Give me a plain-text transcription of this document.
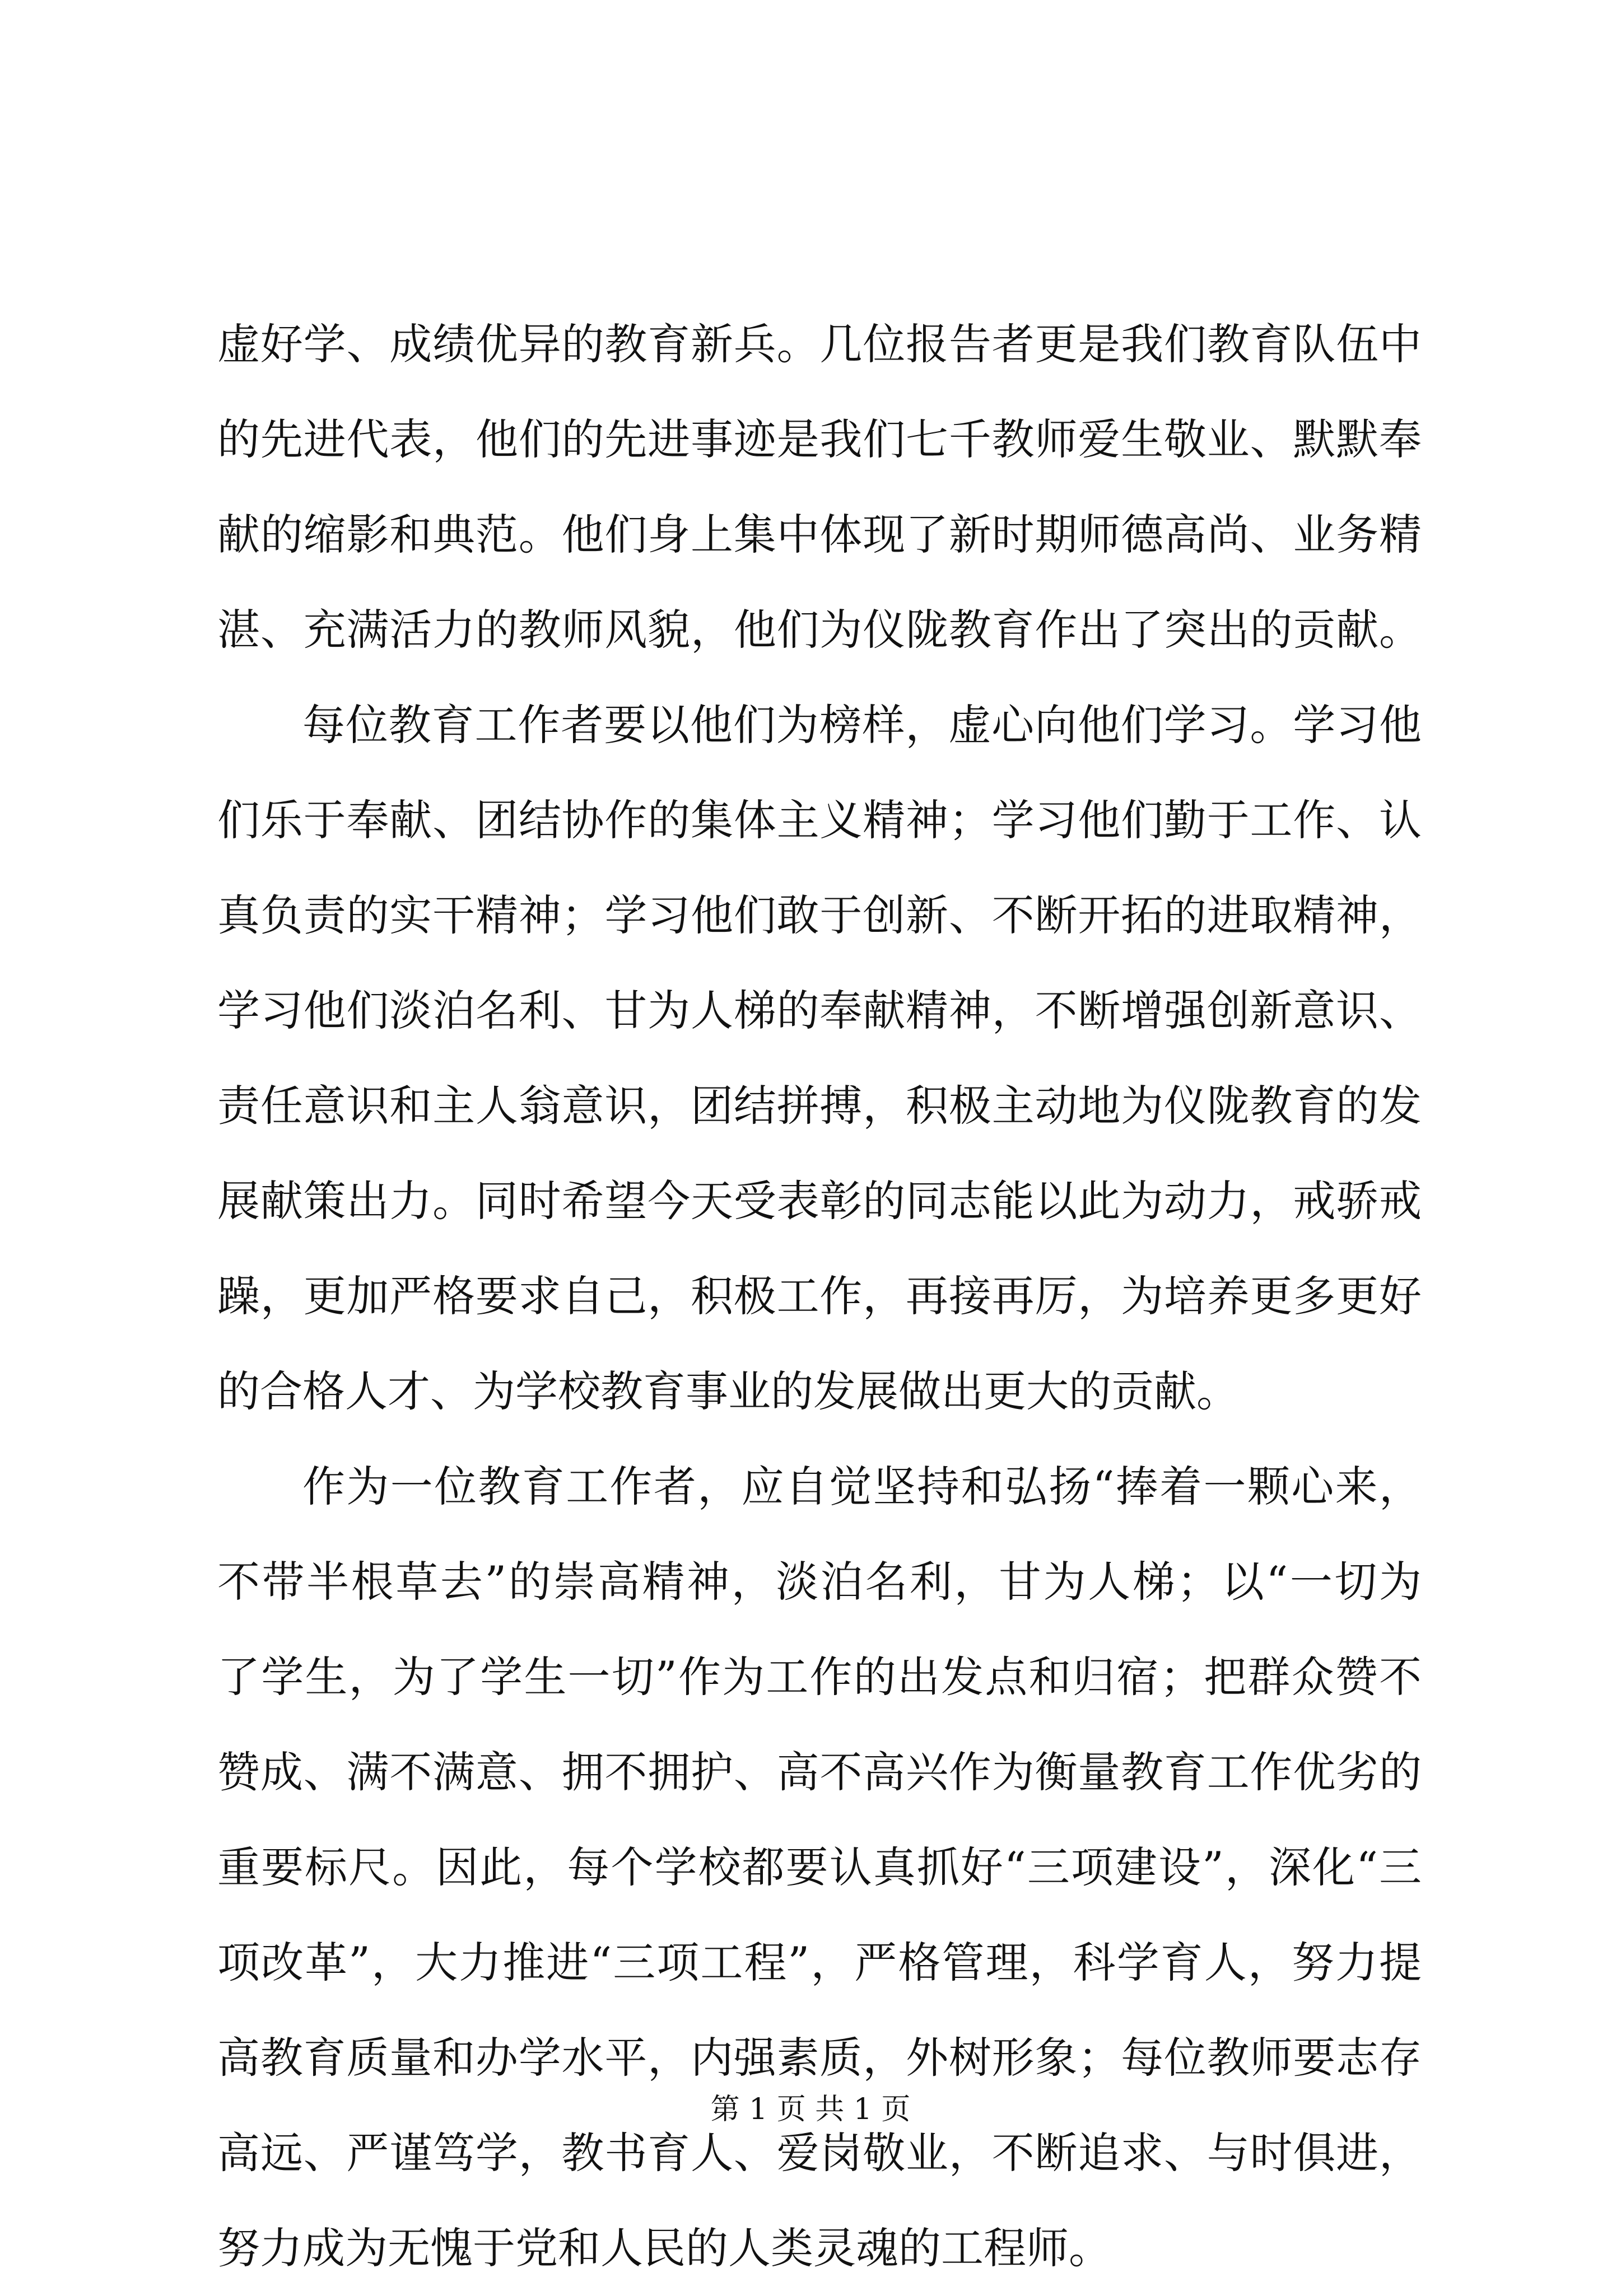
虚好学、成绩优异的教育新兵。几位报告者更是我们教育队伍中
的先进代表，他们的先进事迹是我们七千教师爱生敬业、默默奉
献的缩影和典范。他们身上集中体现了新时期师德高尚、业务精
湛、充满活力的教师风貌，他们为仪陇教育作出了突出的贡献。
每位教育工作者要以他们为榜样，虚心向他们学习。学习他
们乐于奉献、团结协作的集体主义精神；学习他们勤于工作、认
真负责的实干精神；学习他们敢于创新、不断开拓的进取精神，
学习他们淡泊名利、甘为人梯的奉献精神，不断增强创新意识、
责任意识和主人翁意识，团结拼搏，积极主动地为仪陇教育的发
展献策出力。同时希望今天受表彰的同志能以此为动力，戒骄戒
躁，更加严格要求自己，积极工作，再接再厉，为培养更多更好
的合格人才、为学校教育事业的发展做出更大的贡献。
作为一位教育工作者，应自觉坚持和弘扬“捧着一颗心来，
不带半根草去”的崇高精神，淡泊名利，甘为人梯；以“一切为
了学生，为了学生一切”作为工作的出发点和归宿；把群众赞不
赞成、满不满意、拥不拥护、高不高兴作为衡量教育工作优劣的
重要标尺。因此，每个学校都要认真抓好“三项建设”，深化“三
项改革”，大力推进“三项工程”，严格管理，科学育人，努力提
高教育质量和办学水平，内强素质，外树形象；每位教师要志存
高远、严谨笃学，教书育人、爱岗敬业，不断追求、与时俱进，
努力成为无愧于党和人民的人类灵魂的工程师。
第 1 页 共 1 页
